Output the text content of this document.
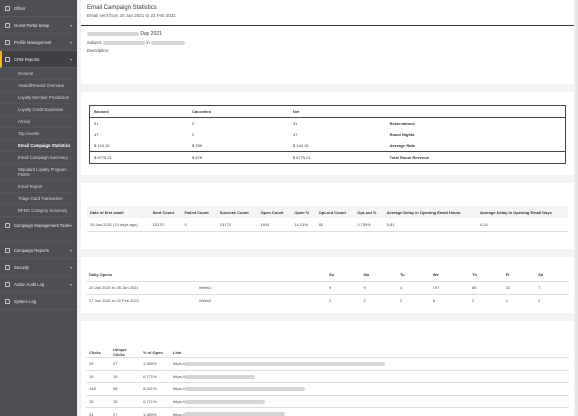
Offers
Guest Portal Setup	▾
Profile Management	▾
CRM Reports	▾
General
Award/Reward Overview
Loyalty Member Production
Loyalty Credit Expiration
Arrival
Top Guests
Email Campaign Statistics
Email Campaign Summary
Standard Loyalty Program Points
Email Report
Triage Card Transaction
RFMC Category Summary
Campaign Management Tools ▾
Campaign Reports	▾
Security	▾
Action Audit Log	▾
System Log
Email Campaign Statistics
Email sent from 20 Jan 2021 to 22 Feb 2021
Day 2021
Subject:	in
Description:
Booked	Cancelled	Net	
31	2	31	Reservations
47	2	47	Room Nights
$ 144.15	$ 339	$ 144.15	Average Rate
$ 6775.21	$ 678	$ 6775.21	Total Room Revenue
Date of first email	Sent Count	Failed Count	Success Count	Open Count	Open %	Opt-out Count	Opt-out %	Average Delay in Opening Email Hours	Average Delay in Opening Email Days
19 Jan 2021 (13 days ago)	13170	0	13170	1944	14.13%	80	0.759%	5.81	0.24
Daily Opens		Su	Mo	Tu	We	Th	Fr	Sa
20 Jan 2021 to 26 Jan 2021	Week1	9	9	4	197	68	22	7
27 Jan 2021 to 02 Feb 2021	Week2	2	2	2	6	2	1	2
Clicks	Unique Clicks	% of Open	Link
29	27	1.389%	https://
15	15	0.771%	https://
148	98	5.041%	https://
15	15	0.771%	https://
31	27	1.389%	https://
